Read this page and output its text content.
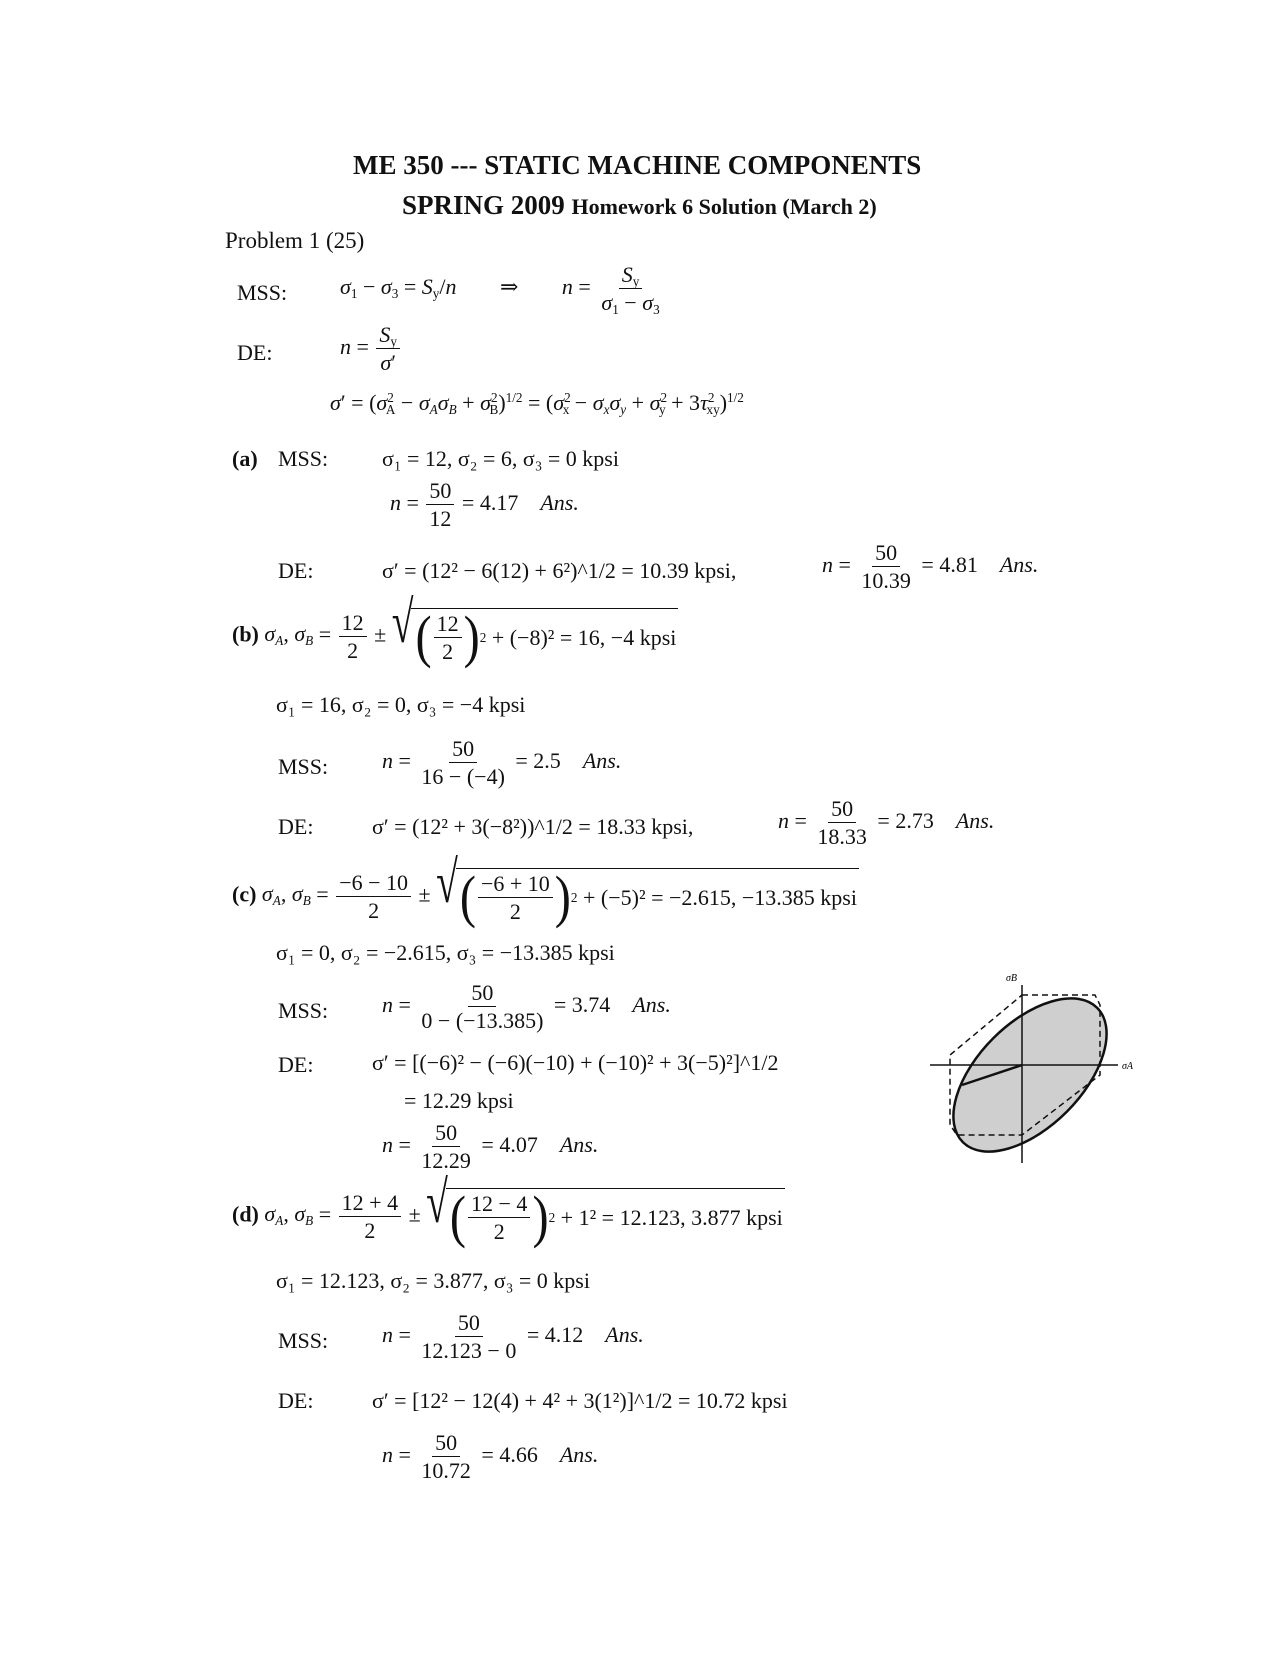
ME 350 --- STATIC MACHINE COMPONENTS
SPRING 2009 Homework 6 Solution (March 2)
Problem 1 (25)
MSS: $\sigma_1 - \sigma_3 = S_y/n$ ⇒ $n = \frac{S_y}{\sigma_1 - \sigma_3}$
DE:	$n = \frac{S_y}{\sigma'}$
$\sigma' = (\sigma^2_A - \sigma_A\sigma_B + \sigma^2_B)^{1/2} = (\sigma^2_x - \sigma_x\sigma_y + \sigma^2_y + 3\tau^2_{xy})^{1/2}$
(a) MSS: σ₁ = 12, σ₂ = 6, σ₃ = 0 kpsi
$n = \frac{50}{12} = 4.17$ Ans.
DE:	σ′ = (12² − 6(12) + 6²)^1/2 = 10.39 kpsi,	$n = \frac{50}{10.39} = 4.81$ Ans.
(b) $\sigma_A$, $\sigma_B = \frac{12}{2}$ ± √ ( $\frac{12}{2}$ ) 2
+ (−8)² = 16, −4 kpsi
σ₁ = 16, σ₂ = 0, σ₃ = −4 kpsi
MSS: $n = \frac{50}{16 - (-4)} = 2.5$ Ans.
DE:	σ′ = (12² + 3(−8²))^1/2 = 18.33 kpsi,	$n = \frac{50}{18.33} = 2.73$ Ans.
(c) $\sigma_A$, $\sigma_B = \frac{-6 - 10}{2}$ ± √ ( $\frac{-6 + 10}{2}$ ) 2
+ (−5)² = −2.615, −13.385 kpsi
σ₁ = 0, σ₂ = −2.615, σ₃ = −13.385 kpsi
MSS: $n = \frac{50}{0 - (-13.385)} = 3.74$ Ans.
DE:	σ′ = [(−6)² − (−6)(−10) + (−10)² + 3(−5)²]^1/2
= 12.29 kpsi
$n = \frac{50}{12.29} = 4.07$ Ans.
σB
σA
(d) $\sigma_A$, $\sigma_B = \frac{12 + 4}{2}$ ± √ ( $\frac{12 - 4}{2}$ ) 2
+ 1² = 12.123, 3.877 kpsi
σ₁ = 12.123, σ₂ = 3.877, σ₃ = 0 kpsi
MSS: $n = \frac{50}{12.123 - 0} = 4.12$ Ans.
DE:	σ′ = [12² − 12(4) + 4² + 3(1²)]^1/2 = 10.72 kpsi
$n = \frac{50}{10.72} = 4.66$ Ans.
